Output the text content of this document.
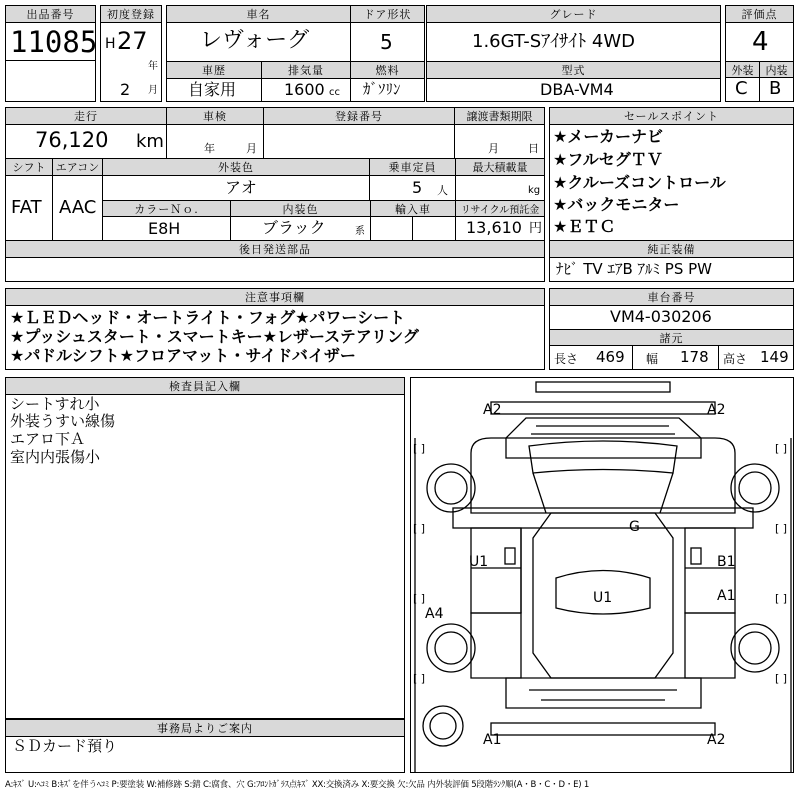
出品番号
11085
初度登録
H 27
年
2 月
車名
レヴォーグ
ドア形状
5
グレード
1.6GT-Sｱｲｻｲﾄ 4WD
評価点
4
外装	内装
C B
車歴
自家用
排気量
1600 cc
燃料
ｶﾞｿﾘﾝ
型式
DBA-VM4
走行
76,120 km
車検
年	月
登録番号	譲渡書類期限
月	日
セールスポイント
★メーカーナビ
★フルセグＴＶ
★クルーズコントロール
★バックモニター
★ＥＴＣ
シフト
FAT
エアコン
AAC
外装色
アオ
乗車定員
5 人
最大積載量
kg
カラーＮｏ.
E8H
内装色
ブラック	系
輸入車	リサイクル預託金
13,610 円
後日発送部品	純正装備
ﾅﾋﾞ TV ｴｱB ｱﾙﾐ PS PW
注意事項欄
★ＬＥＤヘッド・オートライト・フォグ★パワーシート
★プッシュスタート・スマートキー★レザーステアリング
★パドルシフト★フロアマット・サイドバイザー
車台番号
VM4-030206
諸元
長さ 469 幅 178 高さ 149
検査員記入欄
シートすれ小
外装うすい線傷
エアロ下Ａ
室内内張傷小
事務局よりご案内
ＳＤカード預り
A2	A2
G
U1	B1
U1	A1
A4
A1	A2
[ ]	[ ]
[ ]	[ ]
[ ]	[ ]
[ ]	[ ]
A:ｷｽﾞ U:ﾍｺﾐ B:ｷｽﾞを伴うﾍｺﾐ P:要塗装 W:補修跡 S:錆 C:腐食、穴 G:ﾌﾛﾝﾄｶﾞﾗｽ点ｷｽﾞ XX:交換済み X:要交換 欠:欠品 内外装評価 5段階ﾗﾝｸ順(A・B・C・D・E) 1
